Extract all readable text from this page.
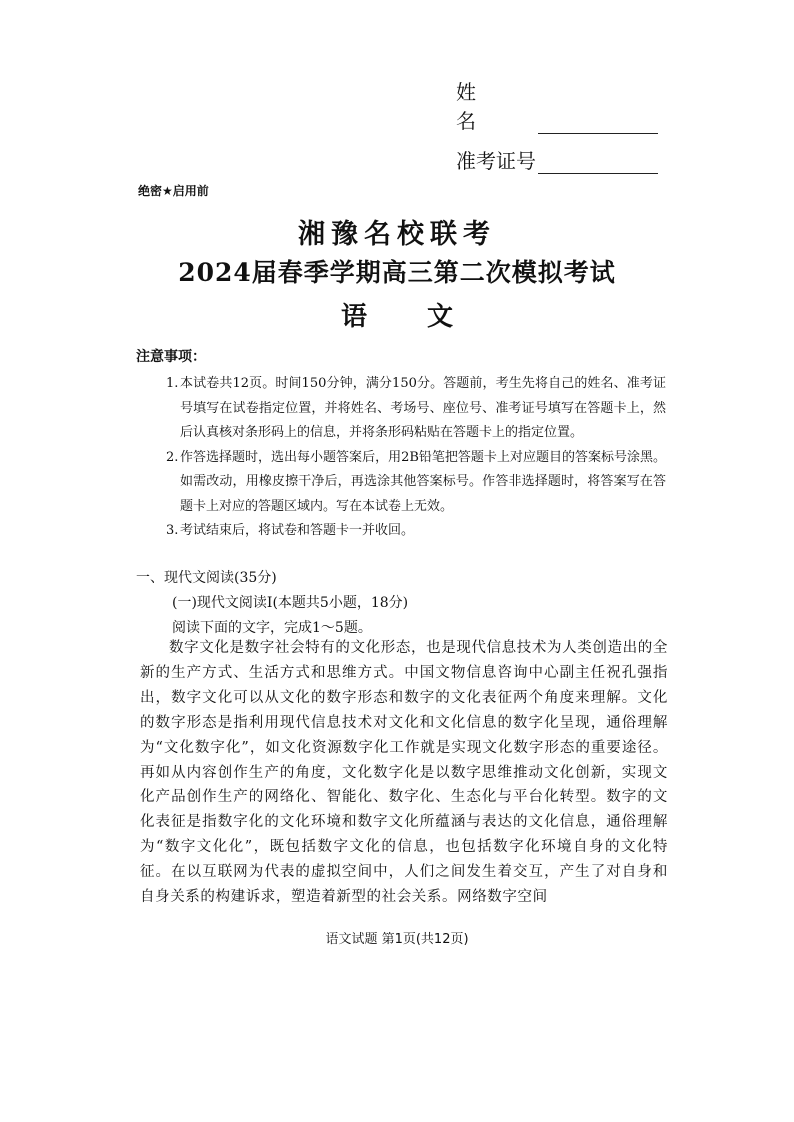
姓 名
准考证号
绝密★启用前
湘豫名校联考
2024届春季学期高三第二次模拟考试
语文
注意事项：
1. 本试卷共12页。时间150分钟，满分150分。答题前，考生先将自己的姓名、准考证号填写在试卷指定位置，并将姓名、考场号、座位号、准考证号填写在答题卡上，然后认真核对条形码上的信息，并将条形码粘贴在答题卡上的指定位置。
2. 作答选择题时，选出每小题答案后，用2B铅笔把答题卡上对应题目的答案标号涂黑。如需改动，用橡皮擦干净后，再选涂其他答案标号。作答非选择题时，将答案写在答题卡上对应的答题区域内。写在本试卷上无效。
3. 考试结束后，将试卷和答题卡一并收回。
一、现代文阅读(35分)
(一)现代文阅读Ⅰ(本题共5小题，18分)
阅读下面的文字，完成1～5题。
数字文化是数字社会特有的文化形态，也是现代信息技术为人类创造出的全新的生产方式、生活方式和思维方式。中国文物信息咨询中心副主任祝孔强指出，数字文化可以从文化的数字形态和数字的文化表征两个角度来理解。文化的数字形态是指利用现代信息技术对文化和文化信息的数字化呈现，通俗理解为“文化数字化”，如文化资源数字化工作就是实现文化数字形态的重要途径。再如从内容创作生产的角度，文化数字化是以数字思维推动文化创新，实现文化产品创作生产的网络化、智能化、数字化、生态化与平台化转型。数字的文化表征是指数字化的文化环境和数字文化所蕴涵与表达的文化信息，通俗理解为“数字文化化”，既包括数字文化的信息，也包括数字化环境自身的文化特征。在以互联网为代表的虚拟空间中，人们之间发生着交互，产生了对自身和自身关系的构建诉求，塑造着新型的社会关系。网络数字空间
语文试题 第1页(共12页)
